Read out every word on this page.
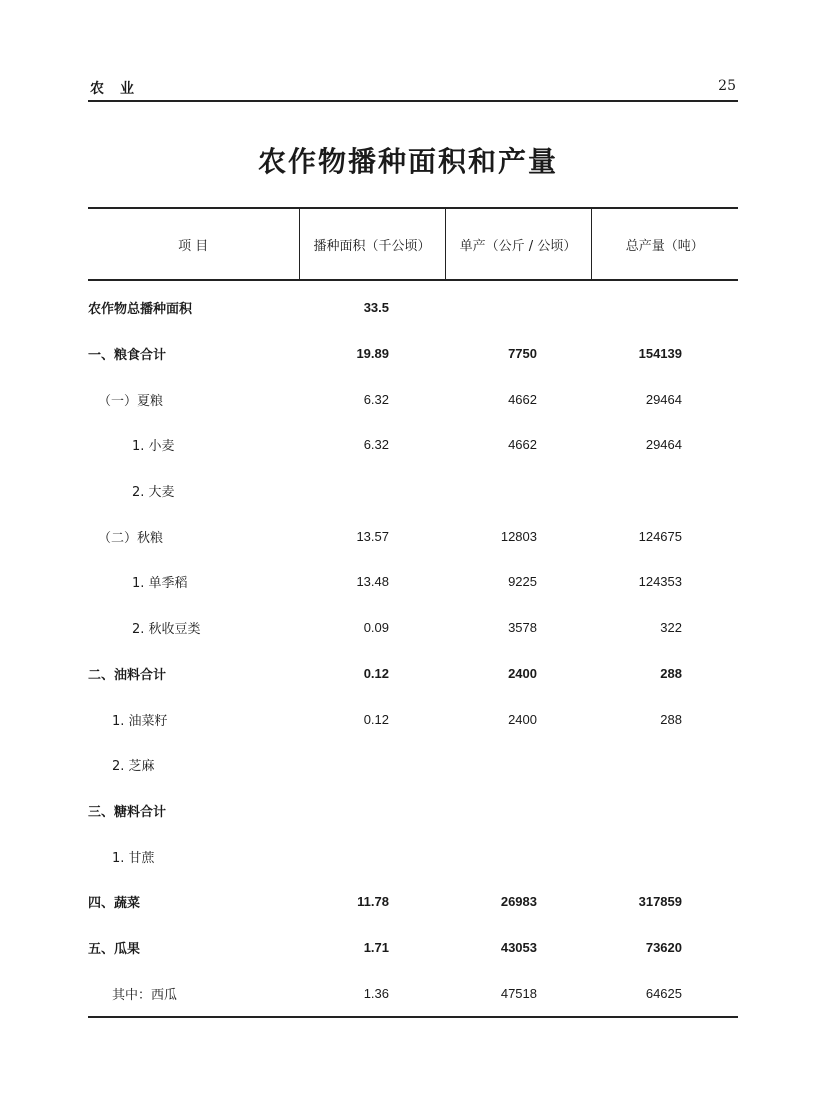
农业	25
农作物播种面积和产量
项 目	播种面积（千公顷）	单产（公斤 / 公顷）	总产量（吨）
农作物总播种面积	33.5		
一、粮食合计	19.89	7750	154139
（一）夏粮	6.32	4662	29464
1. 小麦	6.32	4662	29464
2. 大麦			
（二）秋粮	13.57	12803	124675
1. 单季稻	13.48	9225	124353
2. 秋收豆类	0.09	3578	322
二、油料合计	0.12	2400	288
1. 油菜籽	0.12	2400	288
2. 芝麻			
三、糖料合计			
1. 甘蔗			
四、蔬菜	11.78	26983	317859
五、瓜果	1.71	43053	73620
其中：西瓜	1.36	47518	64625
